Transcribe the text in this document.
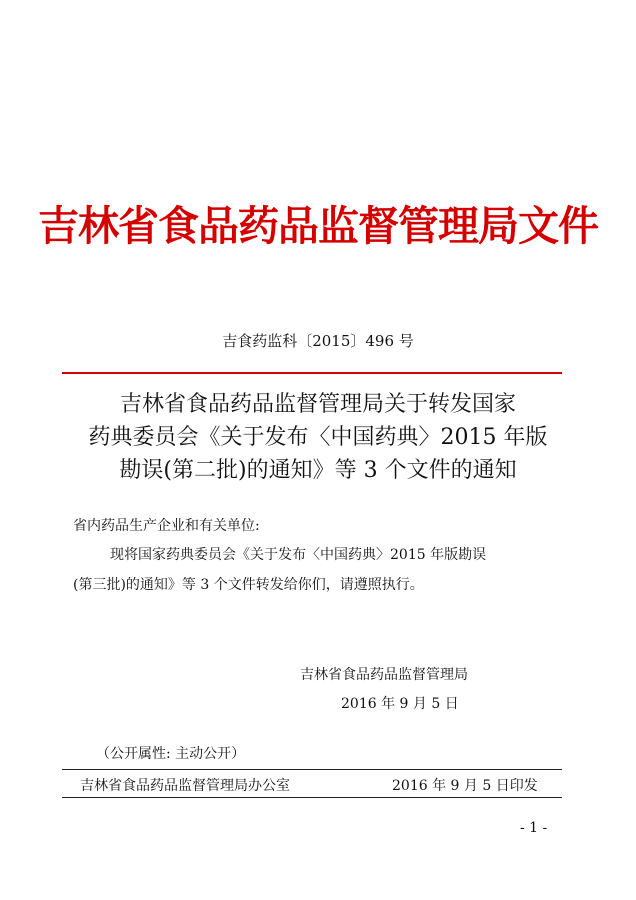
吉林省食品药品监督管理局文件
吉食药监科〔2015〕496 号
吉林省食品药品监督管理局关于转发国家
药典委员会《关于发布〈中国药典〉2015 年版
勘误(第二批)的通知》等 3 个文件的通知
省内药品生产企业和有关单位:
现将国家药典委员会《关于发布〈中国药典〉2015 年版勘误
(第三批)的通知》等 3 个文件转发给你们，请遵照执行。
吉林省食品药品监督管理局
2016 年 9 月 5 日
（公开属性: 主动公开）
吉林省食品药品监督管理局办公室	2016 年 9 月 5 日印发
- 1 -
